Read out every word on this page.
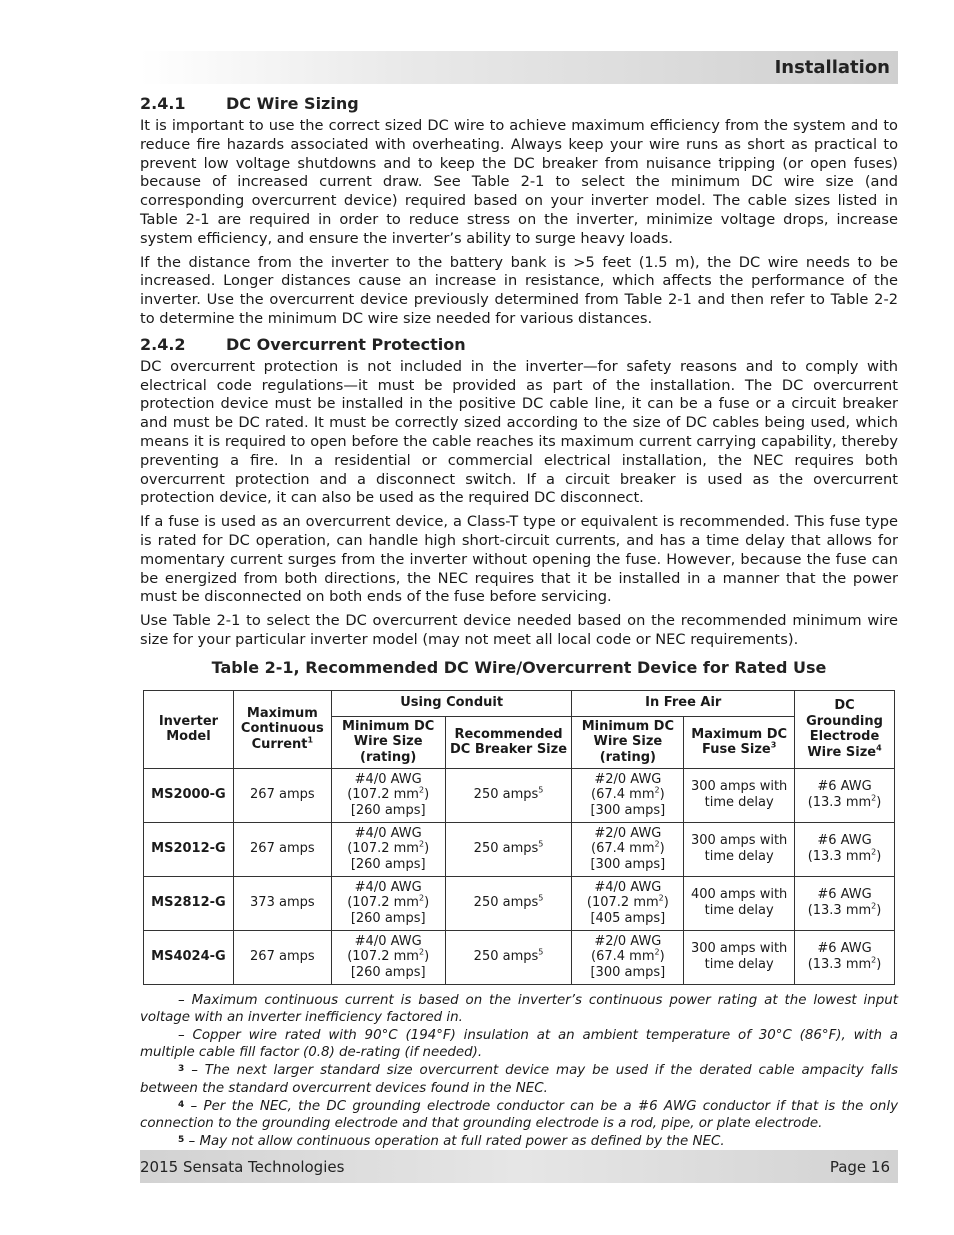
Installation
2.4.1	DC Wire Sizing

It is important to use the correct sized DC wire to achieve maximum efficiency from the system and to reduce fire hazards associated with overheating. Always keep your wire runs as short as practical to prevent low voltage shutdowns and to keep the DC breaker from nuisance tripping (or open fuses) because of increased current draw. See Table 2-1 to select the minimum DC wire size (and corresponding overcurrent device) required based on your inverter model. The cable sizes listed in Table 2-1 are required in order to reduce stress on the inverter, minimize voltage drops, increase system efficiency, and ensure the inverter’s ability to surge heavy loads.

If the distance from the inverter to the battery bank is >5 feet (1.5 m), the DC wire needs to be increased. Longer distances cause an increase in resistance, which affects the performance of the inverter. Use the overcurrent device previously determined from Table 2-1 and then refer to Table 2-2 to determine the minimum DC wire size needed for various distances.

2.4.2	DC Overcurrent Protection

DC overcurrent protection is not included in the inverter—for safety reasons and to comply with electrical code regulations—it must be provided as part of the installation. The DC overcurrent protection device must be installed in the positive DC cable line, it can be a fuse or a circuit breaker and must be DC rated. It must be correctly sized according to the size of DC cables being used, which means it is required to open before the cable reaches its maximum current carrying capability, thereby preventing a fire. In a residential or commercial electrical installation, the NEC requires both overcurrent protection and a disconnect switch. If a circuit breaker is used as the overcurrent protection device, it can also be used as the required DC disconnect.

If a fuse is used as an overcurrent device, a Class-T type or equivalent is recommended. This fuse type is rated for DC operation, can handle high short-circuit currents, and has a time delay that allows for momentary current surges from the inverter without opening the fuse. However, because the fuse can be energized from both directions, the NEC requires that it be installed in a manner that the power must be disconnected on both ends of the fuse before servicing.

Use Table 2-1 to select the DC overcurrent device needed based on the recommended minimum wire size for your particular inverter model (may not meet all local code or NEC requirements).

Table 2-1, Recommended DC Wire/Overcurrent Device for Rated Use
Inverter Model	Maximum Continuous Current$^1$	Using Conduit		In Free Air		DC Grounding Electrode Wire Size$^4$
		Minimum DC Wire Size (rating)	Recommended DC Breaker Size	Minimum DC Wire Size (rating)	Maximum DC Fuse Size$^3$
MS2000-G	267 amps	#4/0 AWG
(107.2 $mm^2$)
[260 amps]	250 amps$^5$	#2/0 AWG
(67.4 $mm^2$)
[300 amps]	300 amps with time delay	#6 AWG
(13.3 $mm^2$)
MS2012-G	267 amps	#4/0 AWG
(107.2 $mm^2$)
[260 amps]	250 amps$^5$	#2/0 AWG
(67.4 $mm^2$)
[300 amps]	300 amps with time delay	#6 AWG
(13.3 $mm^2$)
MS2812-G	373 amps	#4/0 AWG
(107.2 $mm^2$)
[260 amps]	250 amps$^5$	#4/0 AWG
(107.2 $mm^2$)
[405 amps]	400 amps with time delay	#6 AWG
(13.3 $mm^2$)
MS4024-G	267 amps	#4/0 AWG
(107.2 $mm^2$)
[260 amps]	250 amps$^5$	#2/0 AWG
(67.4 $mm^2$)
[300 amps]	300 amps with time delay	#6 AWG
(13.3 $mm^2$)

– Maximum continuous current is based on the inverter’s continuous power rating at the lowest input voltage with an inverter inefficiency factored in.

– Copper wire rated with 90°C (194°F) insulation at an ambient temperature of 30°C (86°F), with a multiple cable fill factor (0.8) de-rating (if needed).

$^3$ – The next larger standard size overcurrent device may be used if the derated cable ampacity falls between the standard overcurrent devices found in the NEC.

$^4$ – Per the NEC, the DC grounding electrode conductor can be a #6 AWG conductor if that is the only connection to the grounding electrode and that grounding electrode is a rod, pipe, or plate electrode.

$^5$ – May not allow continuous operation at full rated power as defined by the NEC.

2015 Sensata Technologies	Page 16
